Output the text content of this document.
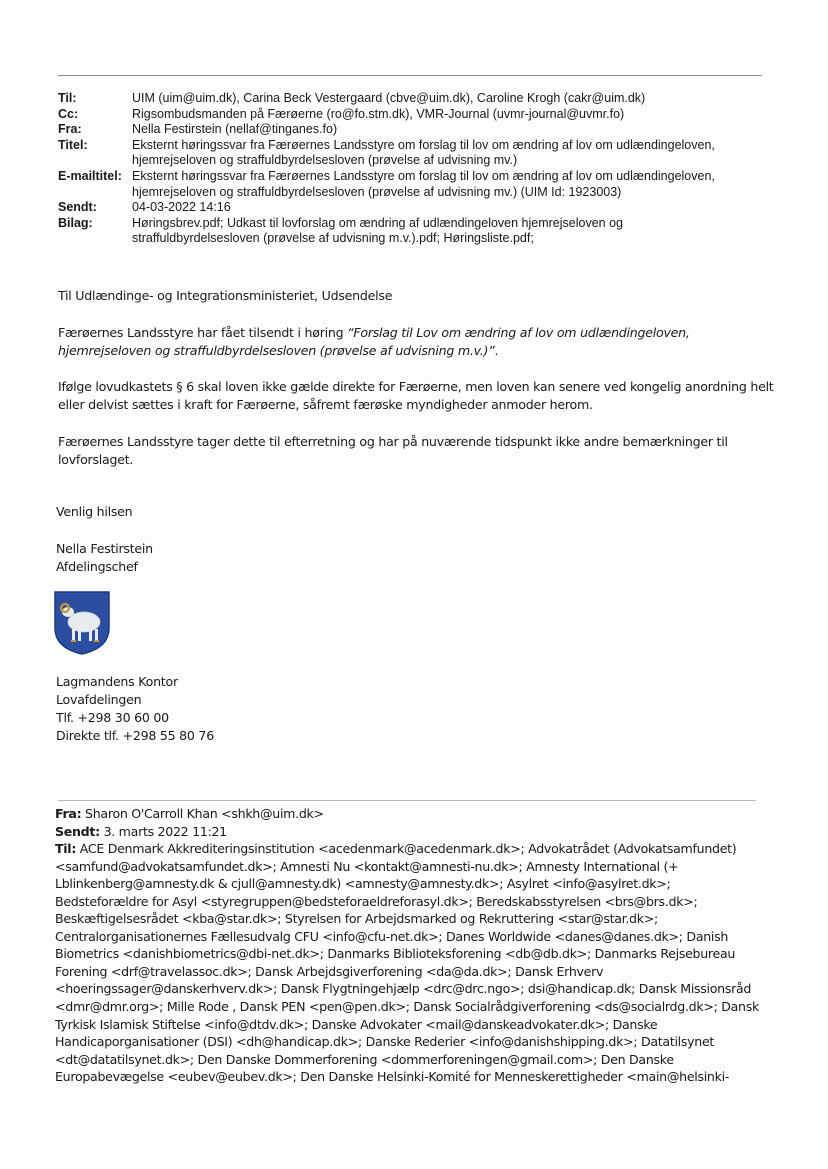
Til:	UIM (uim@uim.dk), Carina Beck Vestergaard (cbve@uim.dk), Caroline Krogh (cakr@uim.dk)
Cc:	Rigsombudsmanden på Færøerne (ro@fo.stm.dk), VMR-Journal (uvmr-journal@uvmr.fo)
Fra:	Nella Festirstein (nellaf@tinganes.fo)
Titel:	Eksternt høringssvar fra Færøernes Landsstyre om forslag til lov om ændring af lov om udlændingeloven,
hjemrejseloven og straffuldbyrdelsesloven (prøvelse af udvisning mv.)
E-mailtitel: Eksternt høringssvar fra Færøernes Landsstyre om forslag til lov om ændring af lov om udlændingeloven,
hjemrejseloven og straffuldbyrdelsesloven (prøvelse af udvisning mv.) (UIM Id: 1923003)
Sendt:	04-03-2022 14:16
Bilag:	Høringsbrev.pdf; Udkast til lovforslag om ændring af udlændingeloven hjemrejseloven og
straffuldbyrdelsesloven (prøvelse af udvisning m.v.).pdf; Høringsliste.pdf;
Til Udlændinge- og Integrationsministeriet, Udsendelse
Færøernes Landsstyre har fået tilsendt i høring “Forslag til Lov om ændring af lov om udlændingeloven,
hjemrejseloven og straffuldbyrdelsesloven (prøvelse af udvisning m.v.)”.
Ifølge lovudkastets § 6 skal loven ikke gælde direkte for Færøerne, men loven kan senere ved kongelig anordning helt
eller delvist sættes i kraft for Færøerne, såfremt færøske myndigheder anmoder herom.
Færøernes Landsstyre tager dette til efterretning og har på nuværende tidspunkt ikke andre bemærkninger til
lovforslaget.
Venlig hilsen
Nella Festirstein
Afdelingschef
Lagmandens Kontor
Lovafdelingen
Tlf. +298 30 60 00
Direkte tlf. +298 55 80 76
Fra: Sharon O'Carroll Khan <shkh@uim.dk>
Sendt: 3. marts 2022 11:21
Til: ACE Denmark Akkrediteringsinstitution <acedenmark@acedenmark.dk>; Advokatrådet (Advokatsamfundet)
<samfund@advokatsamfundet.dk>; Amnesti Nu <kontakt@amnesti-nu.dk>; Amnesty International (+
Lblinkenberg@amnesty.dk & cjull@amnesty.dk) <amnesty@amnesty.dk>; Asylret <info@asylret.dk>;
Bedsteforældre for Asyl <styregruppen@bedsteforaeldreforasyl.dk>; Beredskabsstyrelsen <brs@brs.dk>;
Beskæftigelsesrådet <kba@star.dk>; Styrelsen for Arbejdsmarked og Rekruttering <star@star.dk>;
Centralorganisationernes Fællesudvalg CFU <info@cfu-net.dk>; Danes Worldwide <danes@danes.dk>; Danish
Biometrics <danishbiometrics@dbi-net.dk>; Danmarks Biblioteksforening <db@db.dk>; Danmarks Rejsebureau
Forening <drf@travelassoc.dk>; Dansk Arbejdsgiverforening <da@da.dk>; Dansk Erhverv
<hoeringssager@danskerhverv.dk>; Dansk Flygtningehjælp <drc@drc.ngo>; dsi@handicap.dk; Dansk Missionsråd
<dmr@dmr.org>; Mille Rode , Dansk PEN <pen@pen.dk>; Dansk Socialrådgiverforening <ds@socialrdg.dk>; Dansk
Tyrkisk Islamisk Stiftelse <info@dtdv.dk>; Danske Advokater <mail@danskeadvokater.dk>; Danske
Handicaporganisationer (DSI) <dh@handicap.dk>; Danske Rederier <info@danishshipping.dk>; Datatilsynet
<dt@datatilsynet.dk>; Den Danske Dommerforening <dommerforeningen@gmail.com>; Den Danske
Europabevægelse <eubev@eubev.dk>; Den Danske Helsinki-Komité for Menneskerettigheder <main@helsinki-
